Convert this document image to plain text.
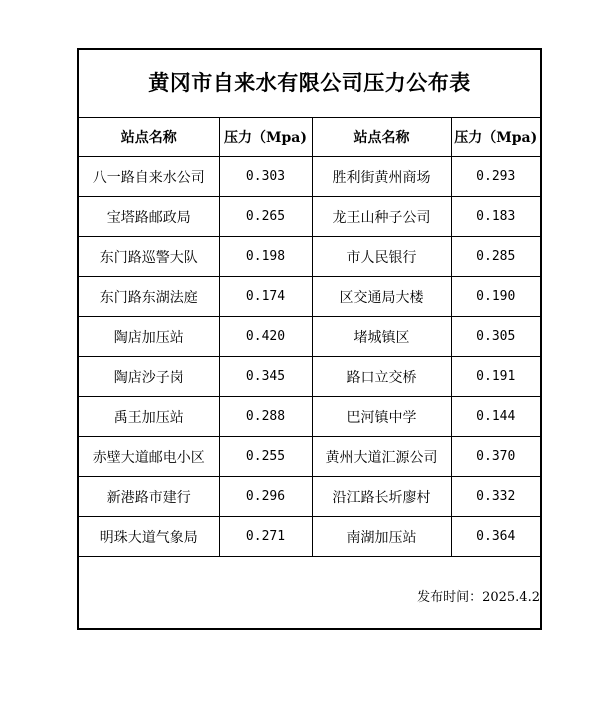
黄冈市自来水有限公司压力公布表
站点名称	压力（Mpa)	站点名称	压力（Mpa)
八一路自来水公司	0.303	胜利街黄州商场	0.293
宝塔路邮政局	0.265	龙王山种子公司	0.183
东门路巡警大队	0.198	市人民银行	0.285
东门路东湖法庭	0.174	区交通局大楼	0.190
陶店加压站	0.420	堵城镇区	0.305
陶店沙子岗	0.345	路口立交桥	0.191
禹王加压站	0.288	巴河镇中学	0.144
赤壁大道邮电小区	0.255	黄州大道汇源公司	0.370
新港路市建行	0.296	沿江路长圻廖村	0.332
明珠大道气象局	0.271	南湖加压站	0.364
发布时间：2025.4.2
